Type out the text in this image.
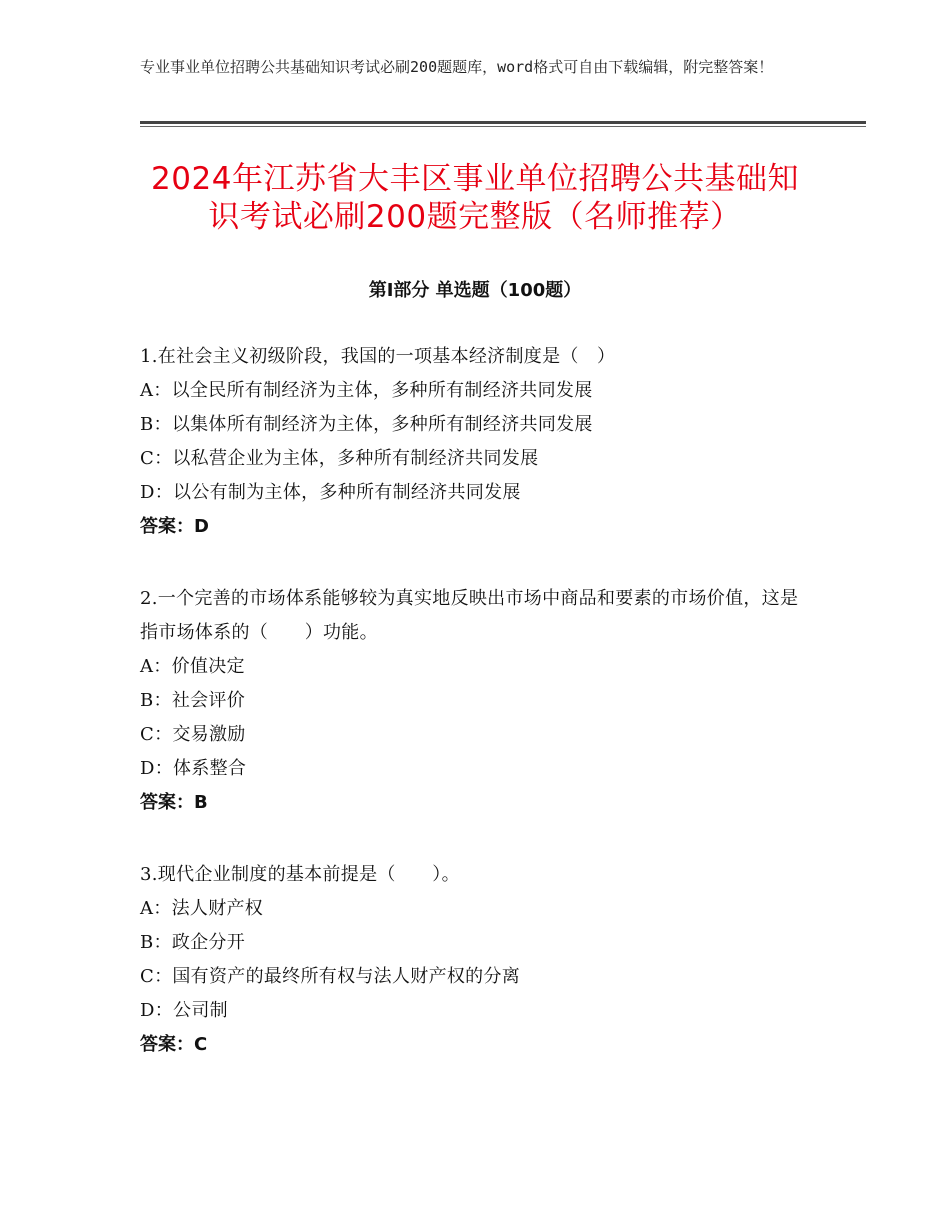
专业事业单位招聘公共基础知识考试必刷200题题库，word格式可自由下载编辑，附完整答案！
2024年江苏省大丰区事业单位招聘公共基础知识考试必刷200题完整版（名师推荐）
第Ⅰ部分 单选题（100题）
1.在社会主义初级阶段，我国的一项基本经济制度是（　）
A：以全民所有制经济为主体，多种所有制经济共同发展
B：以集体所有制经济为主体，多种所有制经济共同发展
C：以私营企业为主体，多种所有制经济共同发展
D：以公有制为主体，多种所有制经济共同发展
答案：D
2.一个完善的市场体系能够较为真实地反映出市场中商品和要素的市场价值，这是指市场体系的（　　）功能。
A：价值决定
B：社会评价
C：交易激励
D：体系整合
答案：B
3.现代企业制度的基本前提是（　　）。
A：法人财产权
B：政企分开
C：国有资产的最终所有权与法人财产权的分离
D：公司制
答案：C
